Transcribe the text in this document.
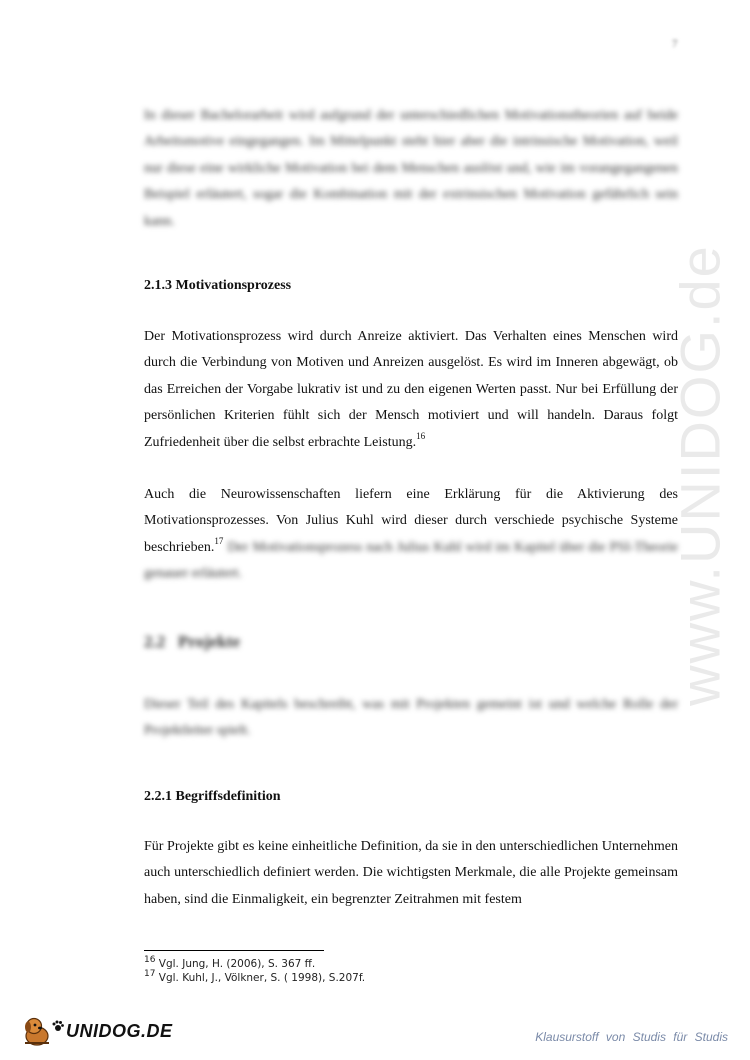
www.UNIDOG.de
7

In dieser Bachelorarbeit wird aufgrund der unterschiedlichen Motivationstheorien auf beide Arbeitsmotive eingegangen. Im Mittelpunkt steht hier aber die intrinsische Motivation, weil nur diese eine wirkliche Motivation bei dem Menschen auslöst und, wie im vorangegangenen Beispiel erläutert, sogar die Kombination mit der extrinsischen Motivation gefährlich sein kann.

2.1.3 Motivationsprozess

Der Motivationsprozess wird durch Anreize aktiviert. Das Verhalten eines Menschen wird durch die Verbindung von Motiven und Anreizen ausgelöst. Es wird im Inneren abgewägt, ob das Erreichen der Vorgabe lukrativ ist und zu den eigenen Werten passt. Nur bei Erfüllung der persönlichen Kriterien fühlt sich der Mensch motiviert und will handeln. Daraus folgt Zufriedenheit über die selbst erbrachte Leistung.$^{16}$

Auch die Neurowissenschaften liefern eine Erklärung für die Aktivierung des Motivationsprozesses. Von Julius Kuhl wird dieser durch verschiede psychische Systeme beschrieben.$^{17}$ Der Motivationsprozess nach Julius Kuhl wird im Kapitel über die PSI-Theorie genauer erläutert.

2.2 Projekte

Dieser Teil des Kapitels beschreibt, was mit Projekten gemeint ist und welche Rolle der Projektleiter spielt.

2.2.1 Begriffsdefinition

Für Projekte gibt es keine einheitliche Definition, da sie in den unterschiedlichen Unternehmen auch unterschiedlich definiert werden. Die wichtigsten Merkmale, die alle Projekte gemeinsam haben, sind die Einmaligkeit, ein begrenzter Zeitrahmen mit festem

$^{16}$ Vgl. Jung, H. (2006), S. 367 ff.
$^{17}$ Vgl. Kuhl, J., Völkner, S. ( 1998), S.207f.
UNIDOG.DE	Klausurstoff von Studis für Studis
